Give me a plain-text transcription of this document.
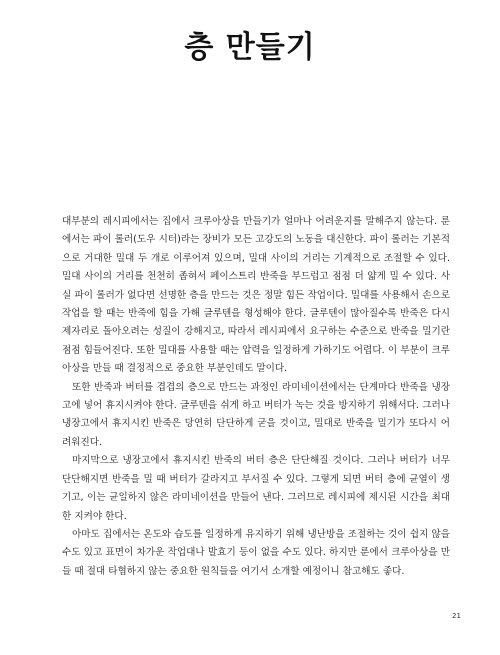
층 만들기

대부분의 레시피에서는 집에서 크루아상을 만들기가 얼마나 어려운지를 말해주지 않는다. 룬에서는 파이 롤러(도우 시터)라는 장비가 모든 고강도의 노동을 대신한다. 파이 롤러는 기본적으로 거대한 밀대 두 개로 이루어져 있으며, 밀대 사이의 거리는 기계적으로 조절할 수 있다. 밀대 사이의 거리를 천천히 좁혀서 페이스트리 반죽을 부드럽고 점점 더 얇게 밀 수 있다. 사실 파이 롤러가 없다면 선명한 층을 만드는 것은 정말 힘든 작업이다. 밀대를 사용해서 손으로 작업을 할 때는 반죽에 힘을 가해 글루텐을 형성해야 한다. 글루텐이 많아질수록 반죽은 다시 제자리로 돌아오려는 성질이 강해지고, 따라서 레시피에서 요구하는 수준으로 반죽을 밀기란 점점 힘들어진다. 또한 밀대를 사용할 때는 압력을 일정하게 가하기도 어렵다. 이 부분이 크루아상을 만들 때 결정적으로 중요한 부분인데도 말이다.

또한 반죽과 버터를 겹겹의 층으로 만드는 과정인 라미네이션에서는 단계마다 반죽을 냉장고에 넣어 휴지시켜야 한다. 글루텐을 쉬게 하고 버터가 녹는 것을 방지하기 위해서다. 그러나 냉장고에서 휴지시킨 반죽은 당연히 단단하게 굳을 것이고, 밀대로 반죽을 밀기가 또다시 어려워진다.

마지막으로 냉장고에서 휴지시킨 반죽의 버터 층은 단단해질 것이다. 그러나 버터가 너무 단단해지면 반죽을 밀 때 버터가 갈라지고 부서질 수 있다. 그렇게 되면 버터 층에 균열이 생기고, 이는 균일하지 않은 라미네이션을 만들어 낸다. 그러므로 레시피에 제시된 시간을 최대한 지켜야 한다.

아마도 집에서는 온도와 습도를 일정하게 유지하기 위해 냉난방을 조절하는 것이 쉽지 않을 수도 있고 표면이 차가운 작업대나 발효기 등이 없을 수도 있다. 하지만 룬에서 크루아상을 만들 때 절대 타협하지 않는 중요한 원칙들을 여기서 소개할 예정이니 참고해도 좋다.

21
